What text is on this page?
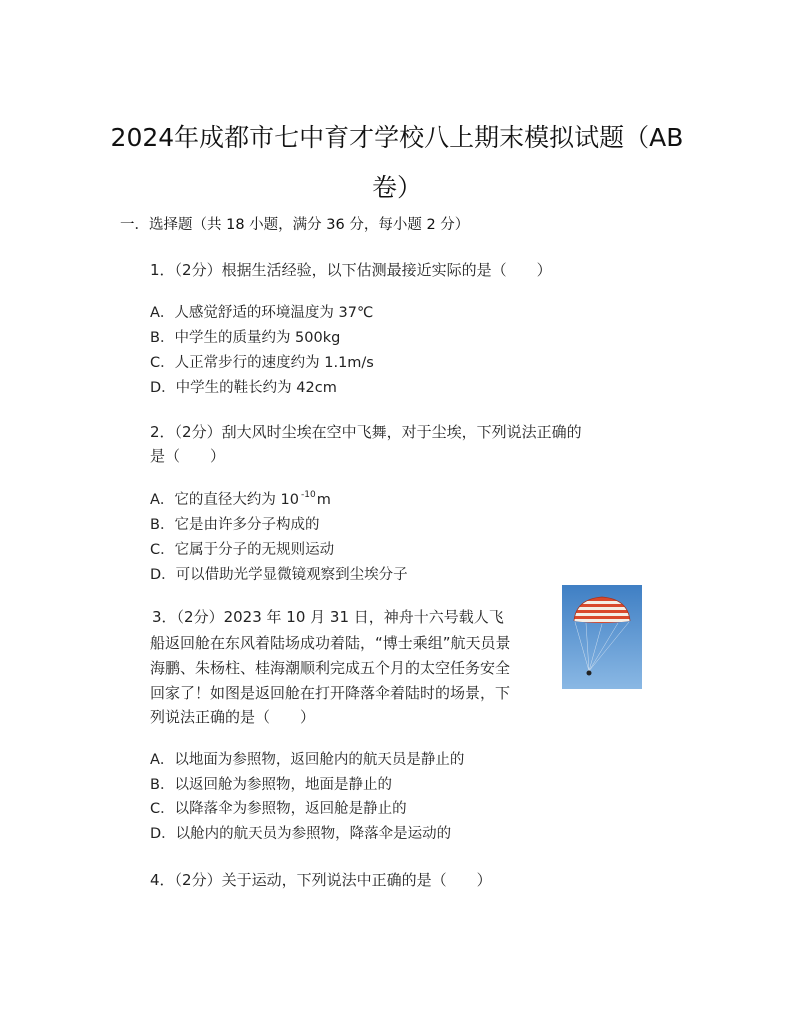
2024年成都市七中育才学校八上期末模拟试题（AB
卷）
一．选择题（共 18 小题，满分 36 分，每小题 2 分）
1．（2分）根据生活经验，以下估测最接近实际的是（　　）
A．人感觉舒适的环境温度为 37℃
B．中学生的质量约为 500kg
C．人正常步行的速度约为 1.1m/s
D．中学生的鞋长约为 42cm
2．（2分）刮大风时尘埃在空中飞舞，对于尘埃，下列说法正确的
是（　　）
A．它的直径大约为 10 $^{-10}$m
B．它是由许多分子构成的
C．它属于分子的无规则运动
D．可以借助光学显微镜观察到尘埃分子
3．（2分）2023 年 10 月 31 日，神舟十六号载人飞
船返回舱在东风着陆场成功着陆，“博士乘组”航天员景
海鹏、朱杨柱、桂海潮顺利完成五个月的太空任务安全
回家了！如图是返回舱在打开降落伞着陆时的场景，下
列说法正确的是（　　）
A．以地面为参照物，返回舱内的航天员是静止的
B．以返回舱为参照物，地面是静止的
C．以降落伞为参照物，返回舱是静止的
D．以舱内的航天员为参照物，降落伞是运动的
4．（2分）关于运动，下列说法中正确的是（　　）
